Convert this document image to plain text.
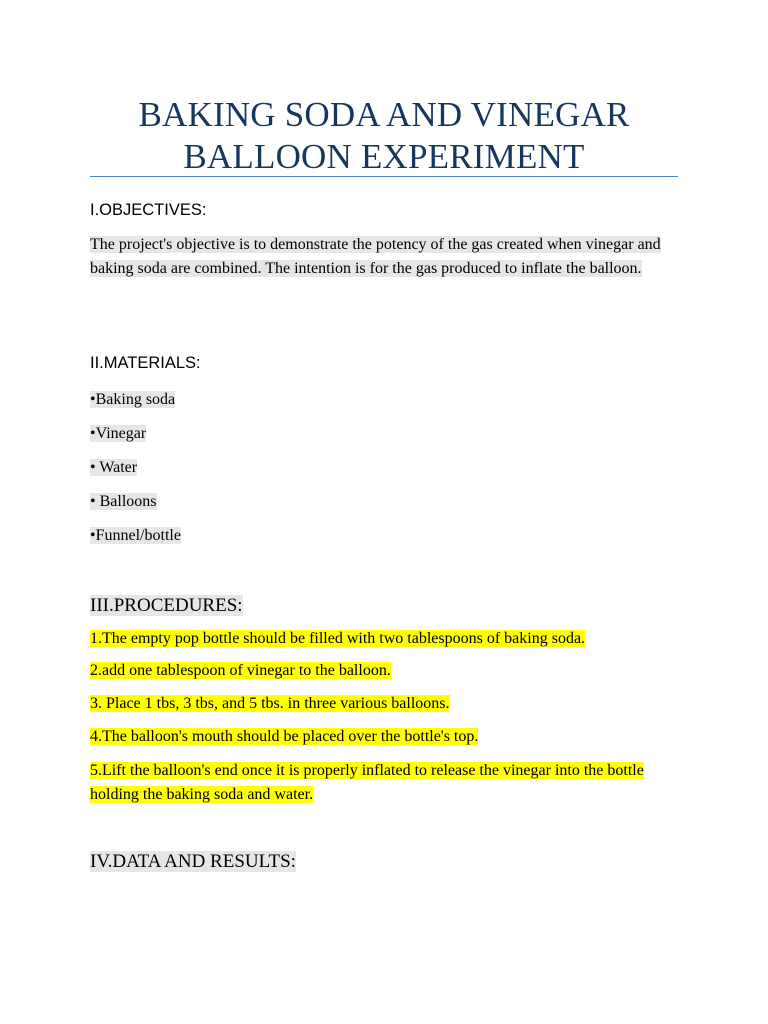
BAKING SODA AND VINEGAR
BALLOON EXPERIMENT
I.OBJECTIVES:

The project's objective is to demonstrate the potency of the gas created when vinegar and baking soda are combined. The intention is for the gas produced to inflate the balloon.

II.MATERIALS:

•Baking soda

•Vinegar

• Water

• Balloons

•Funnel/bottle

III.PROCEDURES:

1.The empty pop bottle should be filled with two tablespoons of baking soda.

2.add one tablespoon of vinegar to the balloon.

3. Place 1 tbs, 3 tbs, and 5 tbs. in three various balloons.

4.The balloon's mouth should be placed over the bottle's top.

5.Lift the balloon's end once it is properly inflated to release the vinegar into the bottle holding the baking soda and water.

IV.DATA AND RESULTS:
